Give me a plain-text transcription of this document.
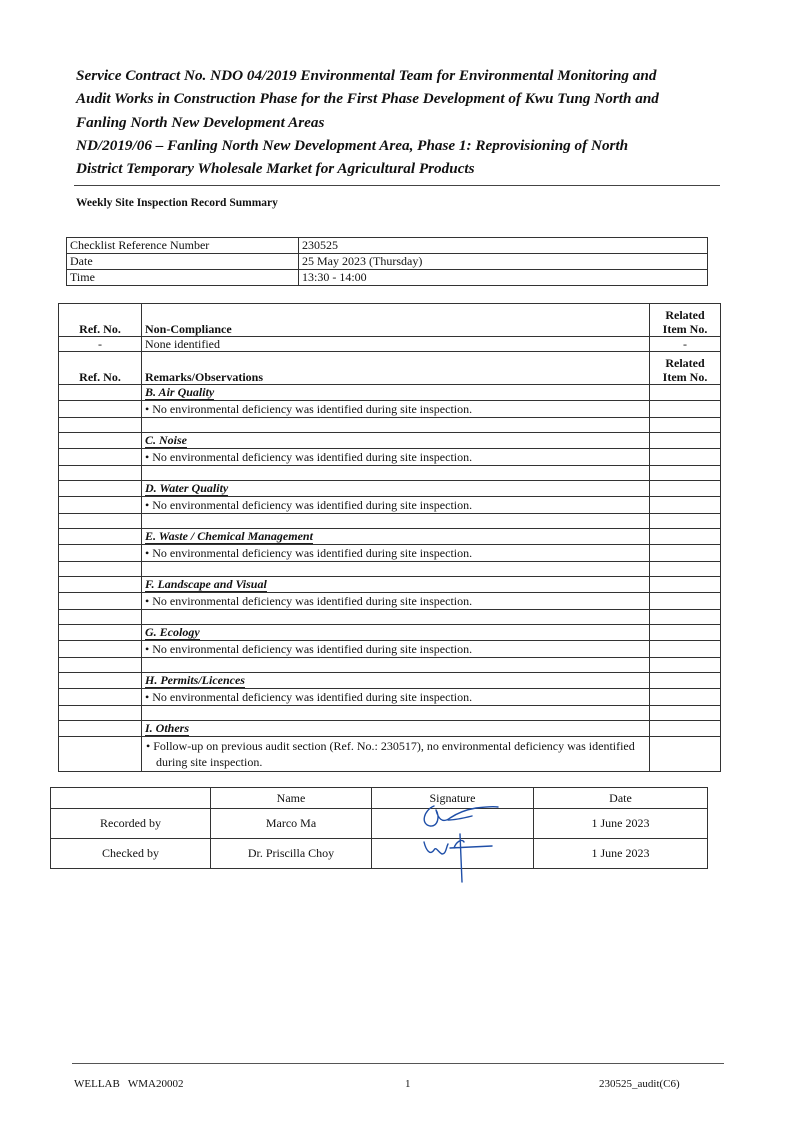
Service Contract No. NDO 04/2019 Environmental Team for Environmental Monitoring and
Audit Works in Construction Phase for the First Phase Development of Kwu Tung North and
Fanling North New Development Areas
ND/2019/06 – Fanling North New Development Area, Phase 1: Reprovisioning of North
District Temporary Wholesale Market for Agricultural Products
Weekly Site Inspection Record Summary
Checklist Reference Number	230525
Date	25 May 2023 (Thursday)
Time	13:30 - 14:00
Ref. No.	Non-Compliance	Related
Item No.

-	None identified	-
Ref. No.	Remarks/Observations	Related
Item No.

	B. Air Quality	
	• No environmental deficiency was identified during site inspection.	

	C. Noise	
	• No environmental deficiency was identified during site inspection.	

	D. Water Quality	
	• No environmental deficiency was identified during site inspection.	

	E. Waste / Chemical Management	
	• No environmental deficiency was identified during site inspection.	

	F. Landscape and Visual	
	• No environmental deficiency was identified during site inspection.	

	G. Ecology	
	• No environmental deficiency was identified during site inspection.	

	H. Permits/Licences	
	• No environmental deficiency was identified during site inspection.	

	I. Others	
	• Follow-up on previous audit section (Ref. No.: 230517), no environmental deficiency was identified during site inspection.	
	Name	Signature	Date
Recorded by	Marco Ma		1 June 2023
Checked by	Dr. Priscilla Choy		1 June 2023
WELLAB   WMA20002	1	230525_audit(C6)
